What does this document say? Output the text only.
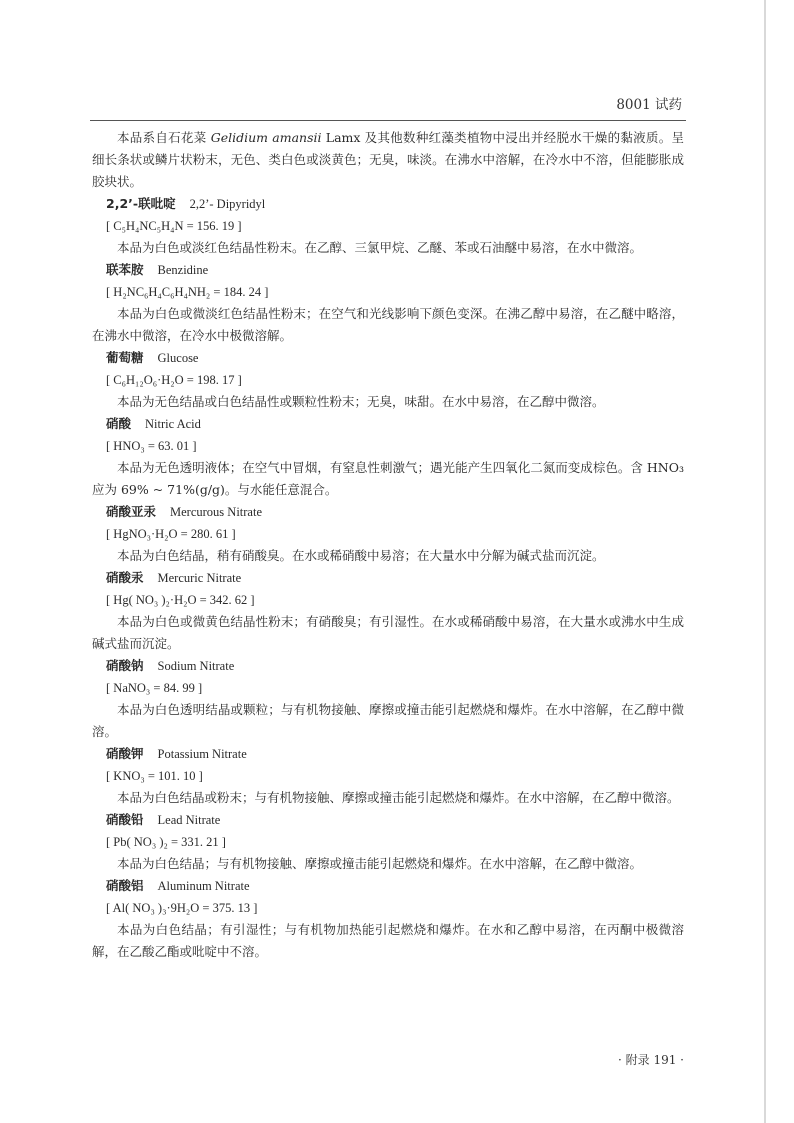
8001 试药

本品系自石花菜 Gelidium amansii Lamx 及其他数种红藻类植物中浸出并经脱水干燥的黏液质。呈细长条状或鳞片状粉末，无色、类白色或淡黄色；无臭，味淡。在沸水中溶解，在冷水中不溶，但能膨胀成胶块状。

2,2’-联吡啶 2,2’- Dipyridyl

[ C₅H₄NC₅H₄N = 156. 19 ]

本品为白色或淡红色结晶性粉末。在乙醇、三氯甲烷、乙醚、苯或石油醚中易溶，在水中微溶。

联苯胺 Benzidine

[ H₂NC₆H₄C₆H₄NH₂ = 184. 24 ]

本品为白色或微淡红色结晶性粉末；在空气和光线影响下颜色变深。在沸乙醇中易溶，在乙醚中略溶，在沸水中微溶，在冷水中极微溶解。

葡萄糖 Glucose

[ C₆H₁₂O₆·H₂O = 198. 17 ]

本品为无色结晶或白色结晶性或颗粒性粉末；无臭，味甜。在水中易溶，在乙醇中微溶。

硝酸 Nitric Acid

[ HNO₃ = 63. 01 ]

本品为无色透明液体；在空气中冒烟，有窒息性刺激气；遇光能产生四氧化二氮而变成棕色。含 HNO₃ 应为 69% ~ 71%(g/g)。与水能任意混合。

硝酸亚汞 Mercurous Nitrate

[ HgNO₃·H₂O = 280. 61 ]

本品为白色结晶，稍有硝酸臭。在水或稀硝酸中易溶；在大量水中分解为碱式盐而沉淀。

硝酸汞 Mercuric Nitrate

[ Hg( NO₃ )₂·H₂O = 342. 62 ]

本品为白色或微黄色结晶性粉末；有硝酸臭；有引湿性。在水或稀硝酸中易溶，在大量水或沸水中生成碱式盐而沉淀。

硝酸钠 Sodium Nitrate

[ NaNO₃ = 84. 99 ]

本品为白色透明结晶或颗粒；与有机物接触、摩擦或撞击能引起燃烧和爆炸。在水中溶解，在乙醇中微溶。

硝酸钾 Potassium Nitrate

[ KNO₃ = 101. 10 ]

本品为白色结晶或粉末；与有机物接触、摩擦或撞击能引起燃烧和爆炸。在水中溶解，在乙醇中微溶。

硝酸铅 Lead Nitrate

[ Pb( NO₃ )₂ = 331. 21 ]

本品为白色结晶；与有机物接触、摩擦或撞击能引起燃烧和爆炸。在水中溶解，在乙醇中微溶。

硝酸铝 Aluminum Nitrate

[ Al( NO₃ )₃·9H₂O = 375. 13 ]

本品为白色结晶；有引湿性；与有机物加热能引起燃烧和爆炸。在水和乙醇中易溶，在丙酮中极微溶解，在乙酸乙酯或吡啶中不溶。

· 附录 191 ·
